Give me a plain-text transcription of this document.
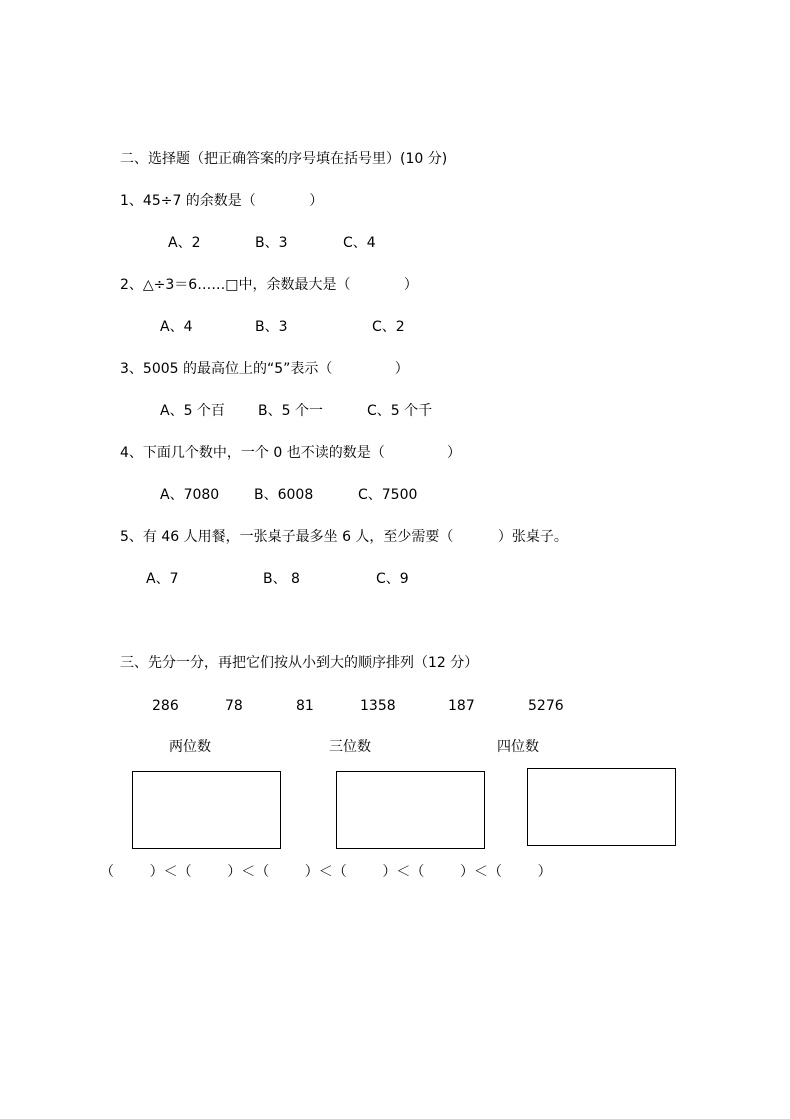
二、选择题（把正确答案的序号填在括号里）(10 分)
1、45÷7 的余数是（            ）
A、2	B、3	C、4
2、△÷3＝6……□中，余数最大是（            ）
A、4	B、3	C、2
3、5005 的最高位上的“5”表示（              ）
A、5 个百 B、5 个一	C、5 个千
4、下面几个数中，一个 0 也不读的数是（              ）
A、7080 B、6008	C、7500
5、有 46 人用餐，一张桌子最多坐 6 人，至少需要（          ）张桌子。
A、7	B、 8	C、9
三、先分一分，再把它们按从小到大的顺序排列（12 分）
286	78	81	1358	187	5276
两位数	三位数	四位数
（        ）＜（        ）＜（        ）＜（        ）＜（        ）＜（        ）
